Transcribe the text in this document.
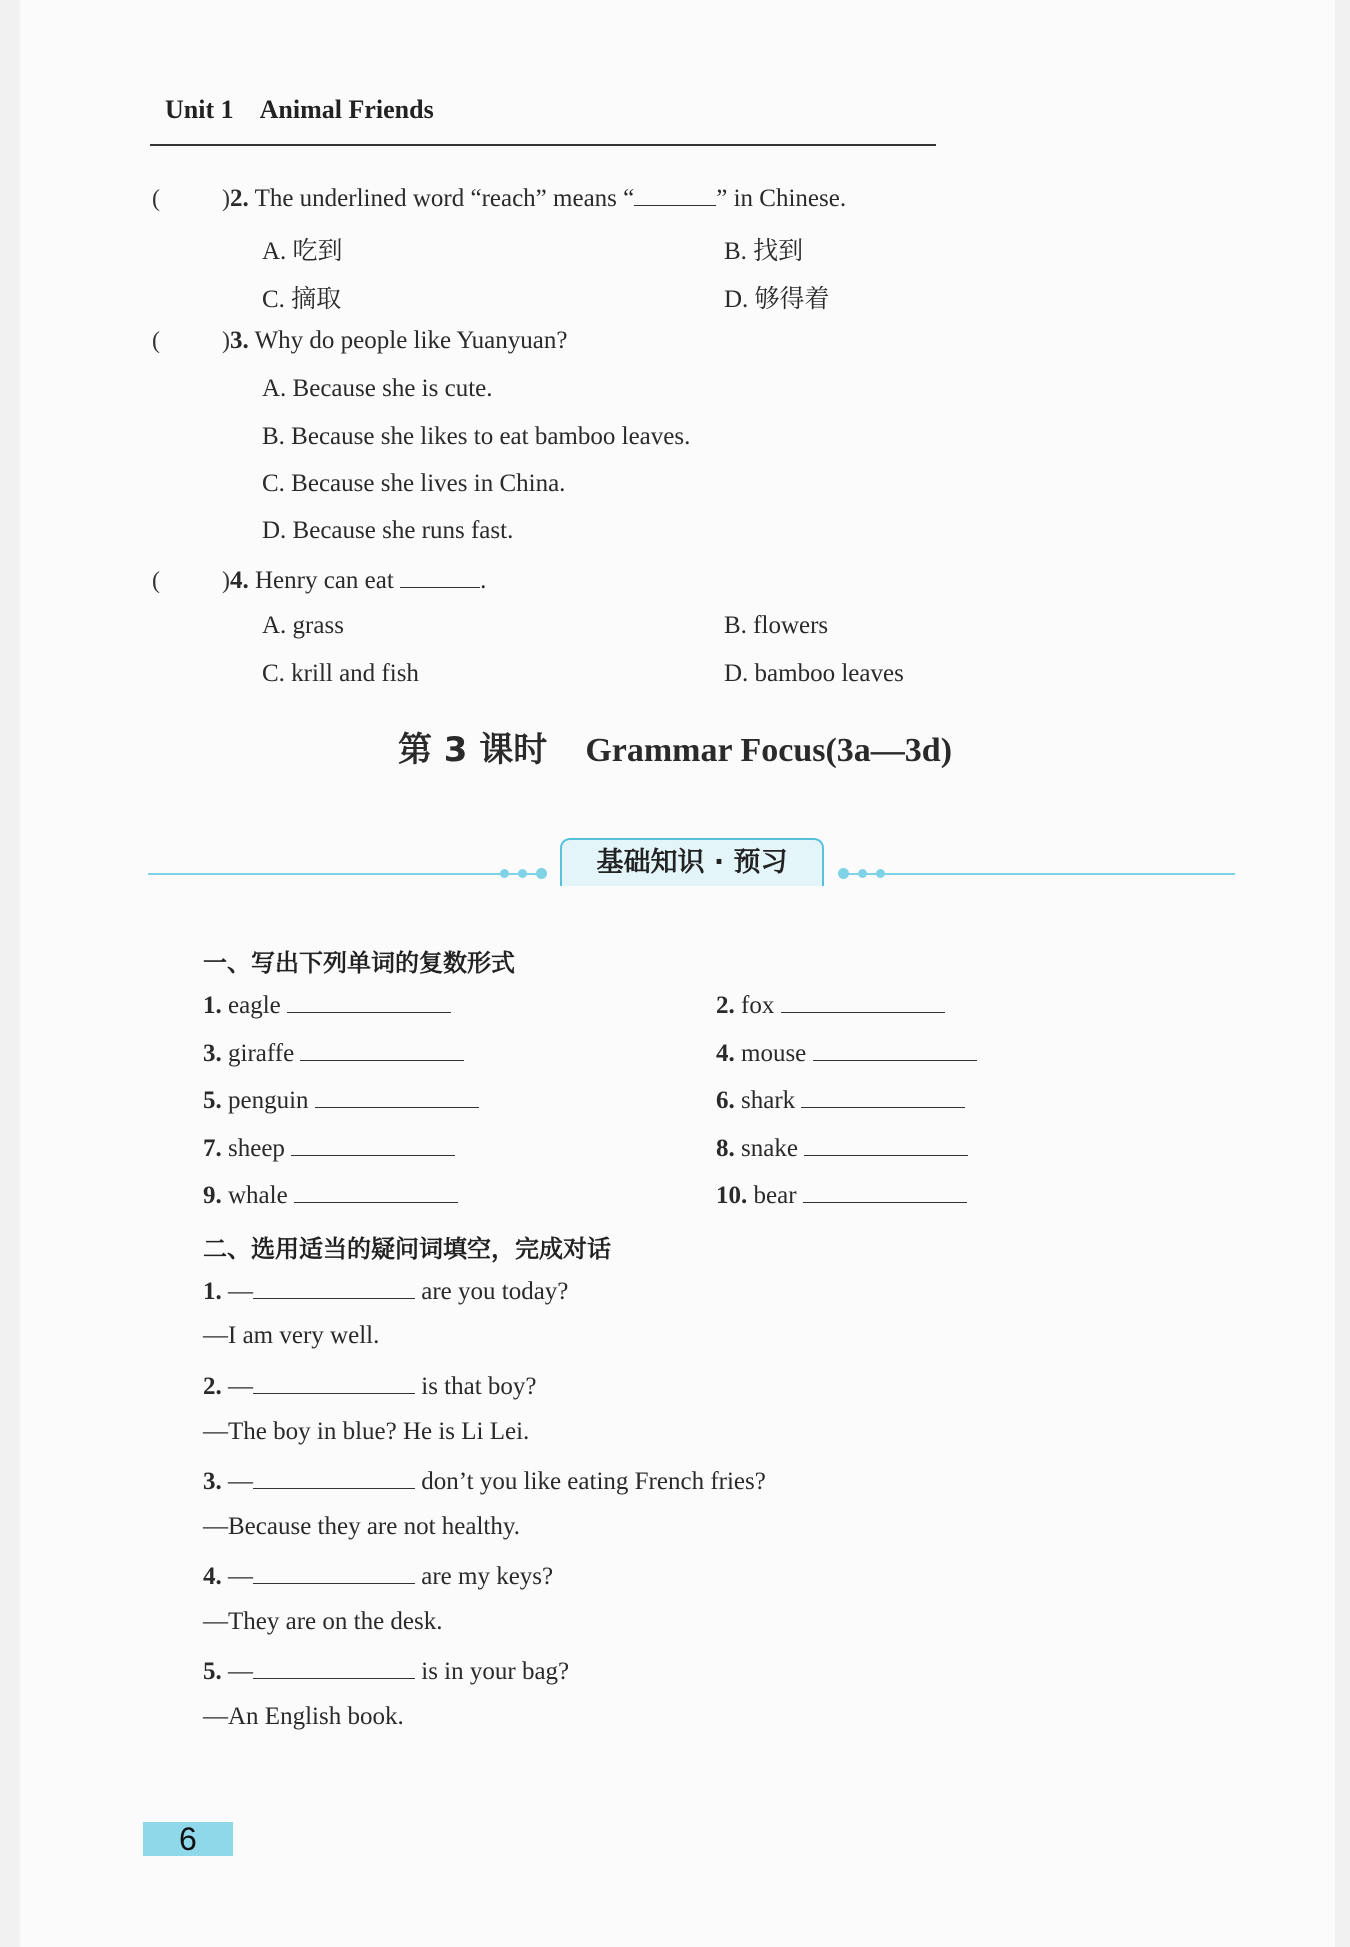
Unit 1 Animal Friends
(	)2. The underlined word “reach” means “	” in Chinese.
A. 吃到	B. 找到
C. 摘取	D. 够得着
(	)3. Why do people like Yuanyuan?
A. Because she is cute.
B. Because she likes to eat bamboo leaves.
C. Because she lives in China.
D. Because she runs fast.
(	)4. Henry can eat	.
A. grass	B. flowers
C. krill and fish	D. bamboo leaves
第 3 课时 Grammar Focus(3a—3d)
基础知识 · 预习
一、写出下列单词的复数形式
1. eagle	2. fox
3. giraffe	4. mouse
5. penguin	6. shark
7. sheep	8. snake
9. whale	10. bear
二、选用适当的疑问词填空，完成对话
1. —	are you today?
—I am very well.
2. —	is that boy?
—The boy in blue? He is Li Lei.
3. —	don’t you like eating French fries?
—Because they are not healthy.
4. —	are my keys?
—They are on the desk.
5. —	is in your bag?
—An English book.
6
